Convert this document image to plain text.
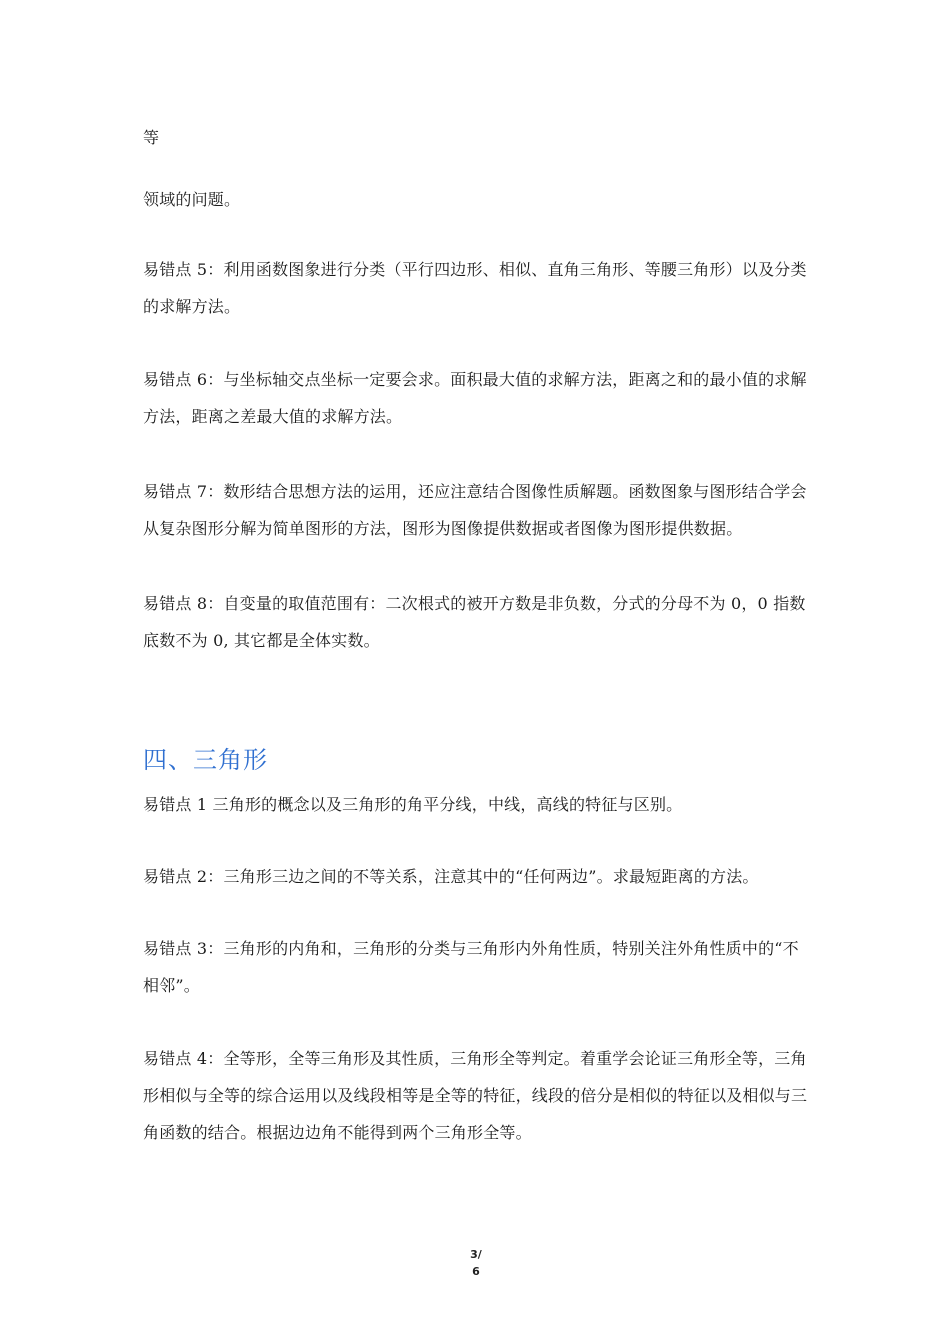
等

领域的问题。

易错点 5：利用函数图象进行分类（平行四边形、相似、直角三角形、等腰三角形）以及分类的求解方法。

易错点 6：与坐标轴交点坐标一定要会求。面积最大值的求解方法，距离之和的最小值的求解方法，距离之差最大值的求解方法。

易错点 7：数形结合思想方法的运用，还应注意结合图像性质解题。函数图象与图形结合学会从复杂图形分解为简单图形的方法，图形为图像提供数据或者图像为图形提供数据。

易错点 8：自变量的取值范围有：二次根式的被开方数是非负数，分式的分母不为 0，0 指数底数不为 0, 其它都是全体实数。

四、三角形

易错点 1 三角形的概念以及三角形的角平分线，中线，高线的特征与区别。

易错点 2：三角形三边之间的不等关系，注意其中的“任何两边”。求最短距离的方法。

易错点 3：三角形的内角和，三角形的分类与三角形内外角性质，特别关注外角性质中的“不相邻”。

易错点 4：全等形，全等三角形及其性质，三角形全等判定。着重学会论证三角形全等，三角形相似与全等的综合运用以及线段相等是全等的特征，线段的倍分是相似的特征以及相似与三角函数的结合。根据边边角不能得到两个三角形全等。

3/
6
